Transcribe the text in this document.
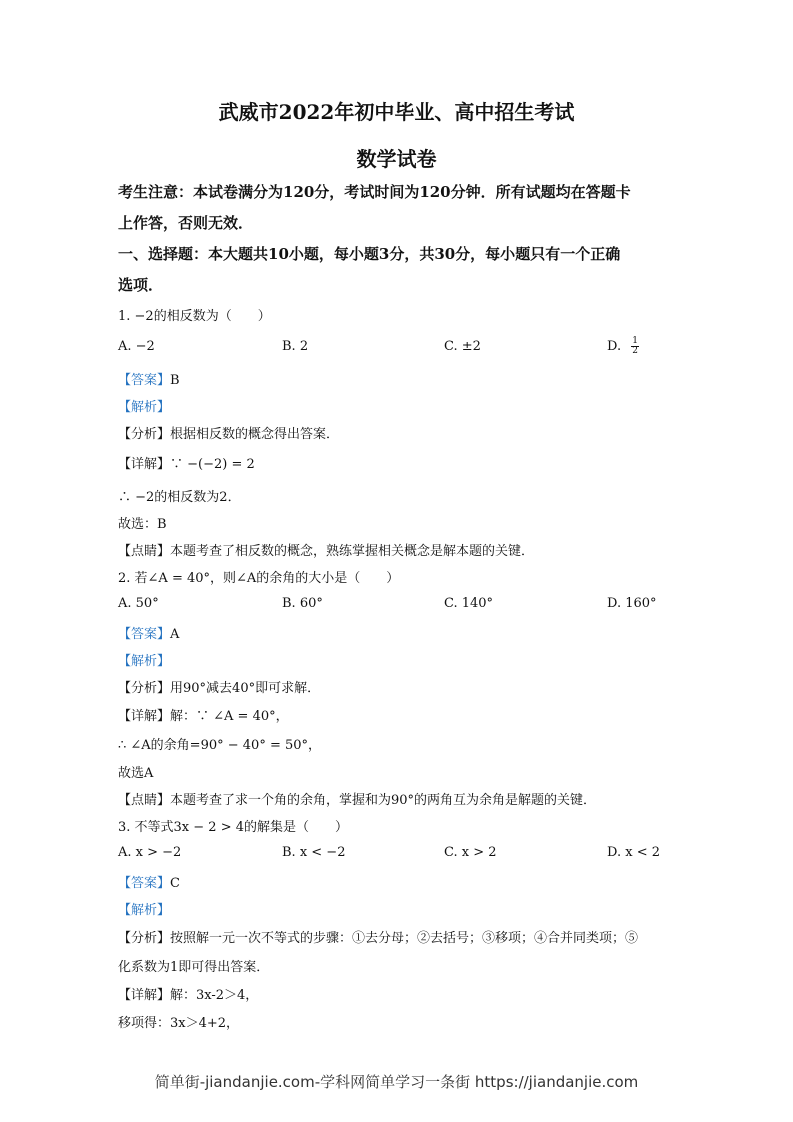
武威市2022年初中毕业、高中招生考试
数学试卷
考生注意：本试卷满分为120分，考试时间为120分钟．所有试题均在答题卡
上作答，否则无效．
一、选择题：本大题共10小题，每小题3分，共30分，每小题只有一个正确
选项．
1. −2的相反数为（　　）
A. −2	B. 2	C. ±2	D. $\frac{1}{2}$
【答案】B
【解析】
【分析】根据相反数的概念得出答案．
【详解】∵ −(−2) = 2
∴ −2的相反数为2．
故选：B
【点睛】本题考查了相反数的概念，熟练掌握相关概念是解本题的关键．
2. 若∠A = 40°，则∠A的余角的大小是（　　）
A. 50°	B. 60°	C. 140°	D. 160°
【答案】A
【解析】
【分析】用90°减去40°即可求解．
【详解】解：∵ ∠A = 40°，
∴ ∠A的余角=90° − 40° = 50°，
故选A
【点睛】本题考查了求一个角的余角，掌握和为90°的两角互为余角是解题的关键．
3. 不等式3x − 2 > 4的解集是（　　）
A. x > −2	B. x < −2	C. x > 2	D. x < 2
【答案】C
【解析】
【分析】按照解一元一次不等式的步骤：①去分母；②去括号；③移项；④合并同类项；⑤
化系数为1即可得出答案．
【详解】解：3x-2＞4，
移项得：3x＞4+2，
简单街-jiandanjie.com-学科网简单学习一条街 https://jiandanjie.com
